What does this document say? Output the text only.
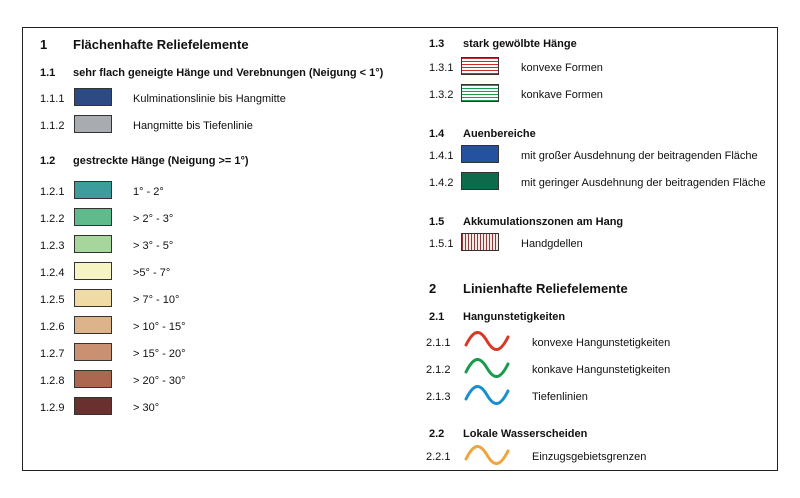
1 Flächenhafte Reliefelemente
1.1 sehr flach geneigte Hänge und Verebnungen (Neigung < 1°)
1.1.1	Kulminationslinie bis Hangmitte
1.1.2	Hangmitte bis Tiefenlinie
1.2 gestreckte Hänge (Neigung >= 1°)
1.2.1	1° - 2°
1.2.2	> 2° - 3°
1.2.3	> 3° - 5°
1.2.4	>5° - 7°
1.2.5	> 7° - 10°
1.2.6	> 10° - 15°
1.2.7	> 15° - 20°
1.2.8	> 20° - 30°
1.2.9	> 30°
1.3 stark gewölbte Hänge
1.3.1	konvexe Formen
1.3.2	konkave Formen
1.4 Auenbereiche
1.4.1	mit großer Ausdehnung der beitragenden Fläche
1.4.2	mit geringer Ausdehnung der beitragenden Fläche
1.5 Akkumulationszonen am Hang
1.5.1	Handgdellen
2 Linienhafte Reliefelemente
2.1 Hangunstetigkeiten
2.1.1	konvexe Hangunstetigkeiten
2.1.2	konkave Hangunstetigkeiten
2.1.3	Tiefenlinien
2.2 Lokale Wasserscheiden
2.2.1	Einzugsgebietsgrenzen
